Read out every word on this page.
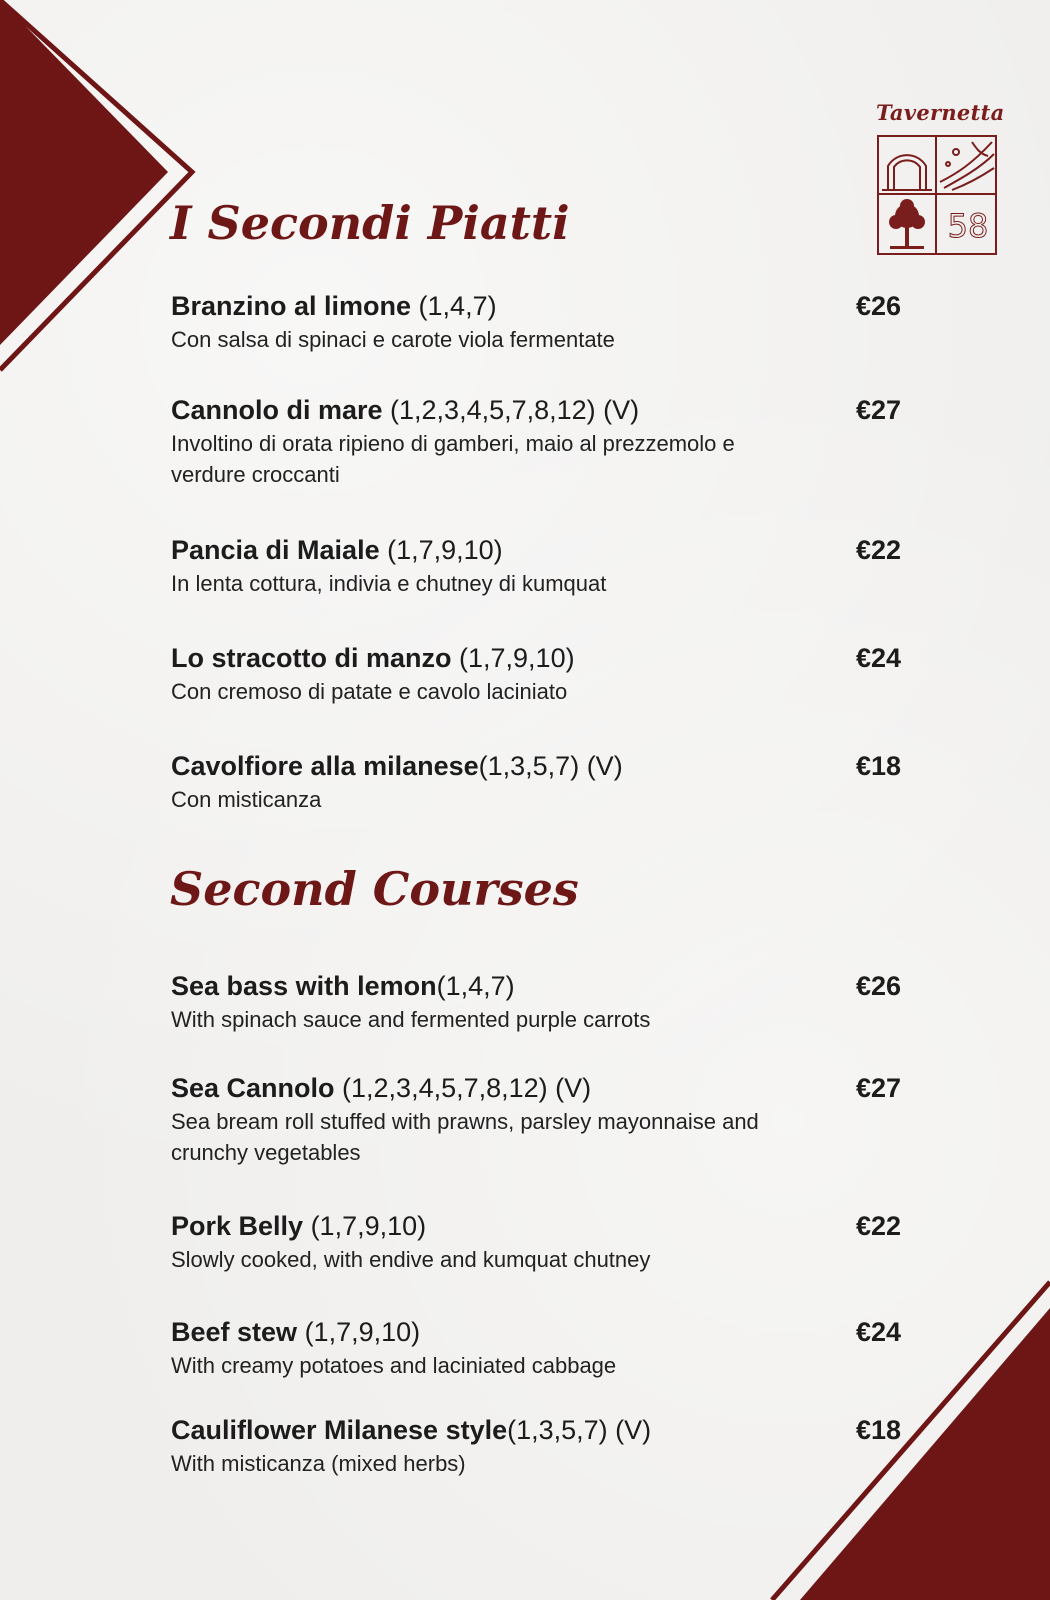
Tavernetta
58
I Secondi Piatti
Branzino al limone (1,4,7)	€26
Con salsa di spinaci e carote viola fermentate
Cannolo di mare (1,2,3,4,5,7,8,12) (V)	€27
Involtino di orata ripieno di gamberi, maio al prezzemolo e verdure croccanti
Pancia di Maiale (1,7,9,10)	€22
In lenta cottura, indivia e chutney di kumquat
Lo stracotto di manzo (1,7,9,10)	€24
Con cremoso di patate e cavolo laciniato
Cavolfiore alla milanese(1,3,5,7) (V)	€18
Con misticanza
Second Courses
Sea bass with lemon(1,4,7)	€26
With spinach sauce and fermented purple carrots
Sea Cannolo (1,2,3,4,5,7,8,12) (V)	€27
Sea bream roll stuffed with prawns, parsley mayonnaise and crunchy vegetables
Pork Belly (1,7,9,10)	€22
Slowly cooked, with endive and kumquat chutney
Beef stew (1,7,9,10)	€24
With creamy potatoes and laciniated cabbage
Cauliflower Milanese style(1,3,5,7) (V)	€18
With misticanza (mixed herbs)
